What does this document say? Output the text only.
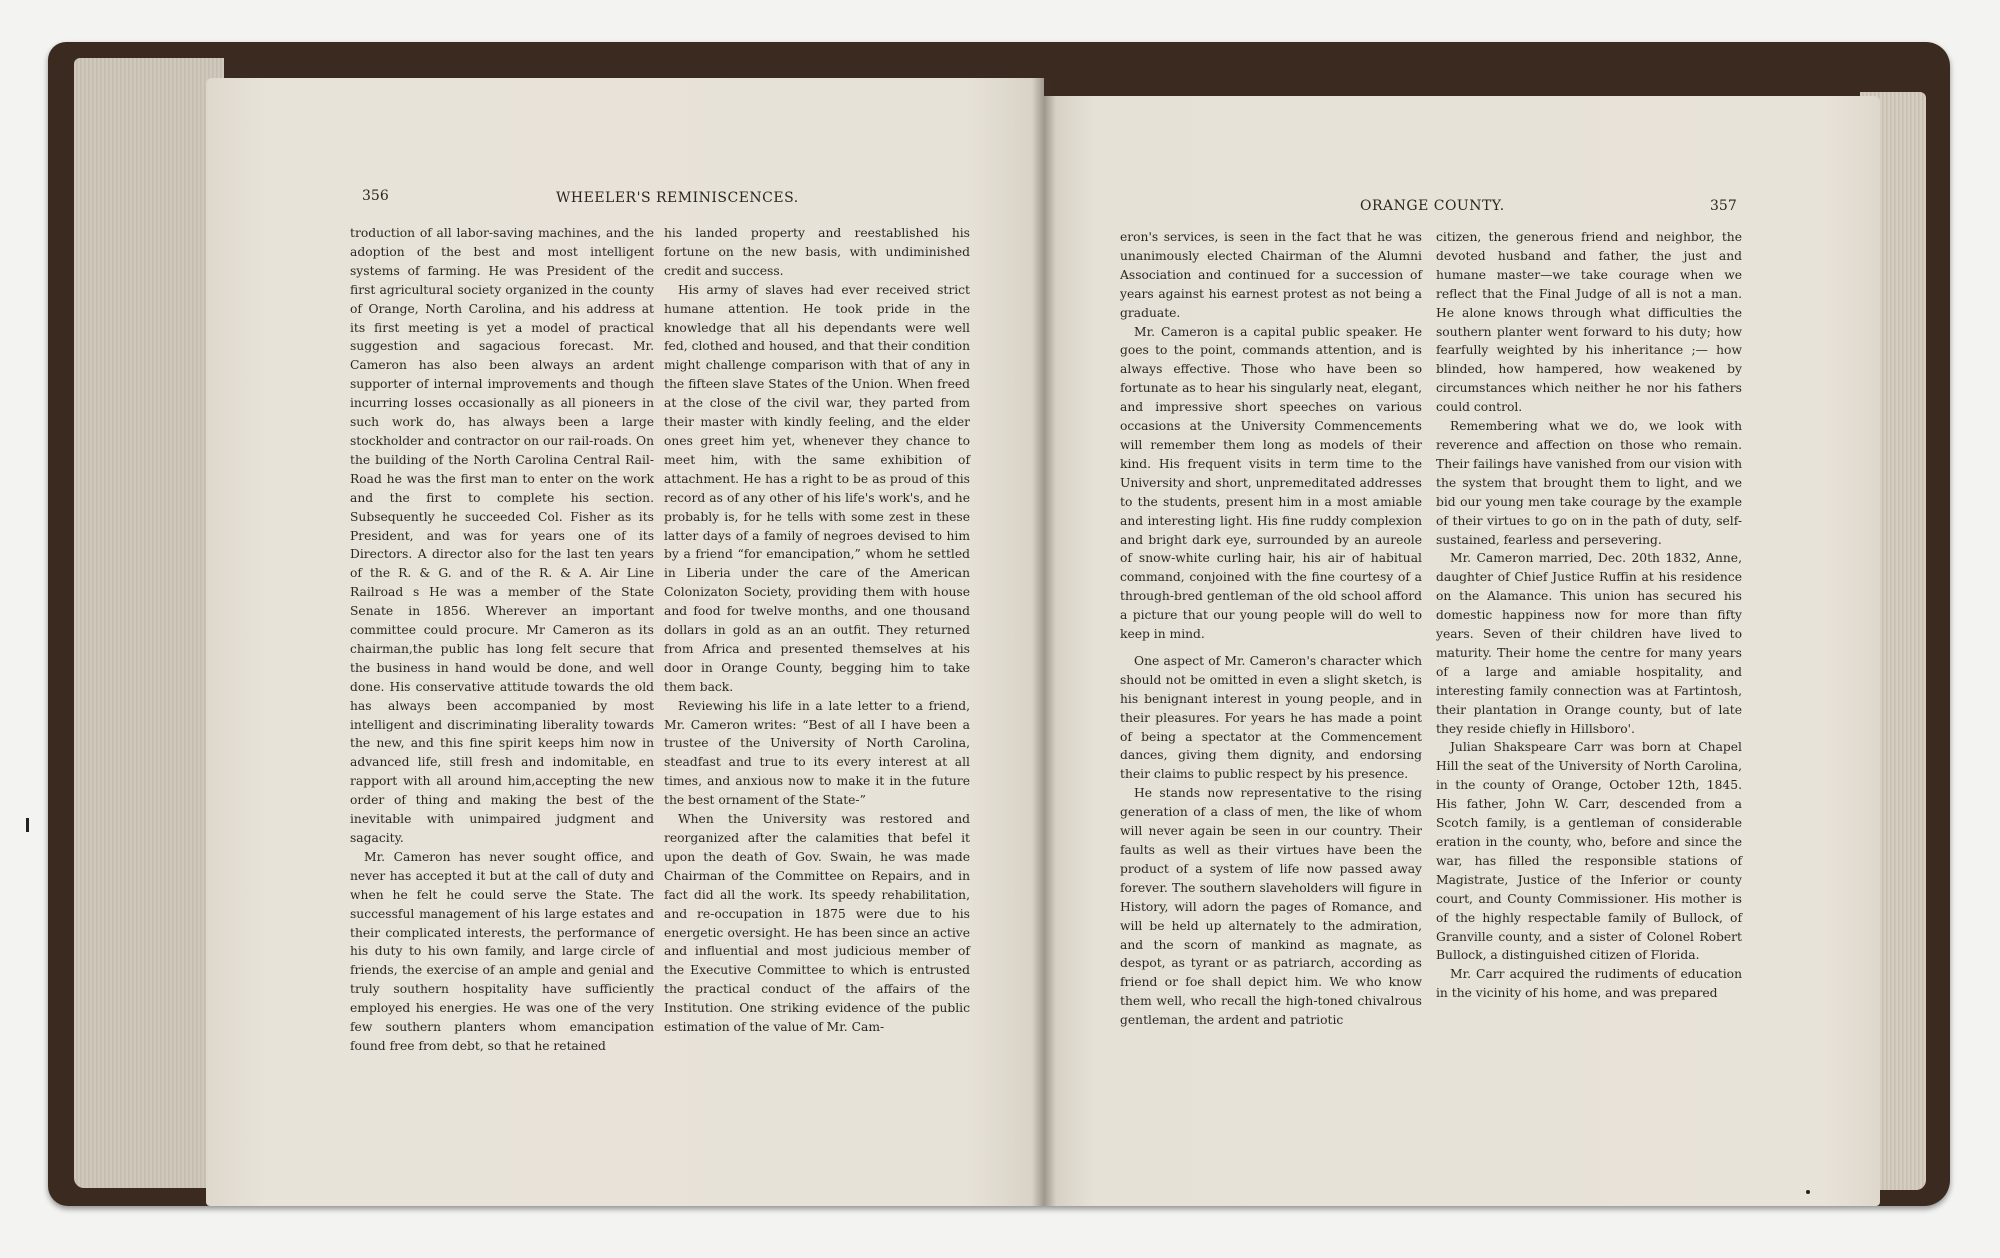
356	WHEELER'S REMINISCENCES.

troduction of all labor-saving machines, and the adoption of the best and most intelligent systems of farming. He was President of the first agricultural society organized in the county of Orange, North Carolina, and his address at its first meeting is yet a model of practical suggestion and sagacious forecast. Mr. Cameron has also been always an ardent supporter of internal improvements and though incurring losses occasionally as all pioneers in such work do, has always been a large stockholder and contractor on our rail-roads. On the building of the North Carolina Central Rail-Road he was the first man to enter on the work and the first to complete his section. Subsequently he succeeded Col. Fisher as its President, and was for years one of its Directors. A director also for the last ten years of the R. & G. and of the R. & A. Air Line Railroad s He was a member of the State Senate in 1856. Wherever an important committee could procure. Mr Cameron as its chairman,the public has long felt secure that the business in hand would be done, and well done. His conservative attitude towards the old has always been accompanied by most intelligent and discriminating liberality towards the new, and this fine spirit keeps him now in advanced life, still fresh and indomitable, en rapport with all around him,accepting the new order of thing and making the best of the inevitable with unimpaired judgment and sagacity.

Mr. Cameron has never sought office, and never has accepted it but at the call of duty and when he felt he could serve the State. The successful management of his large estates and their complicated interests, the performance of his duty to his own family, and large circle of friends, the exercise of an ample and genial and truly southern hospitality have sufficiently employed his energies. He was one of the very few southern planters whom emancipation found free from debt, so that he retained

his landed property and reestablished his fortune on the new basis, with undiminished credit and success.

His army of slaves had ever received strict humane attention. He took pride in the knowledge that all his dependants were well fed, clothed and housed, and that their condition might challenge comparison with that of any in the fifteen slave States of the Union. When freed at the close of the civil war, they parted from their master with kindly feeling, and the elder ones greet him yet, whenever they chance to meet him, with the same exhibition of attachment. He has a right to be as proud of this record as of any other of his life's work's, and he probably is, for he tells with some zest in these latter days of a family of negroes devised to him by a friend “for emancipation,” whom he settled in Liberia under the care of the American Colonizaton Society, providing them with house and food for twelve months, and one thousand dollars in gold as an an outfit. They returned from Africa and presented themselves at his door in Orange County, begging him to take them back.

Reviewing his life in a late letter to a friend, Mr. Cameron writes: “Best of all I have been a trustee of the University of North Carolina, steadfast and true to its every interest at all times, and anxious now to make it in the future the best ornament of the State-”

When the University was restored and reorganized after the calamities that befel it upon the death of Gov. Swain, he was made Chairman of the Committee on Repairs, and in fact did all the work. Its speedy rehabilitation, and re-occupation in 1875 were due to his energetic oversight. He has been since an active and influential and most judicious member of the Executive Committee to which is entrusted the practical conduct of the affairs of the Institution. One striking evidence of the public estimation of the value of Mr. Cam-

ORANGE COUNTY.	357

eron's services, is seen in the fact that he was unanimously elected Chairman of the Alumni Association and continued for a succession of years against his earnest protest as not being a graduate.

Mr. Cameron is a capital public speaker. He goes to the point, commands attention, and is always effective. Those who have been so fortunate as to hear his singularly neat, elegant, and impressive short speeches on various occasions at the University Commencements will remember them long as models of their kind. His frequent visits in term time to the University and short, unpremeditated addresses to the students, present him in a most amiable and interesting light. His fine ruddy complexion and bright dark eye, surrounded by an aureole of snow-white curling hair, his air of habitual command, conjoined with the fine courtesy of a through-bred gentleman of the old school afford a picture that our young people will do well to keep in mind.

One aspect of Mr. Cameron's character which should not be omitted in even a slight sketch, is his benignant interest in young people, and in their pleasures. For years he has made a point of being a spectator at the Commencement dances, giving them dignity, and endorsing their claims to public respect by his presence.

He stands now representative to the rising generation of a class of men, the like of whom will never again be seen in our country. Their faults as well as their virtues have been the product of a system of life now passed away forever. The southern slaveholders will figure in History, will adorn the pages of Romance, and will be held up alternately to the admiration, and the scorn of mankind as magnate, as despot, as tyrant or as patriarch, according as friend or foe shall depict him. We who know them well, who recall the high-toned chivalrous gentleman, the ardent and patriotic

citizen, the generous friend and neighbor, the devoted husband and father, the just and humane master—we take courage when we reflect that the Final Judge of all is not a man. He alone knows through what difficulties the southern planter went forward to his duty; how fearfully weighted by his inheritance ;— how blinded, how hampered, how weakened by circumstances which neither he nor his fathers could control.

Remembering what we do, we look with reverence and affection on those who remain. Their failings have vanished from our vision with the system that brought them to light, and we bid our young men take courage by the example of their virtues to go on in the path of duty, self-sustained, fearless and persevering.

Mr. Cameron married, Dec. 20th 1832, Anne, daughter of Chief Justice Ruffin at his residence on the Alamance. This union has secured his domestic happiness now for more than fifty years. Seven of their children have lived to maturity. Their home the centre for many years of a large and amiable hospitality, and interesting family connection was at Fartintosh, their plantation in Orange county, but of late they reside chiefly in Hillsboro'.

Julian Shakspeare Carr was born at Chapel Hill the seat of the University of North Carolina, in the county of Orange, October 12th, 1845. His father, John W. Carr, descended from a Scotch family, is a gentleman of considerable eration in the county, who, before and since the war, has filled the responsible stations of Magistrate, Justice of the Inferior or county court, and County Commissioner. His mother is of the highly respectable family of Bullock, of Granville county, and a sister of Colonel Robert Bullock, a distinguished citizen of Florida.

Mr. Carr acquired the rudiments of education in the vicinity of his home, and was prepared
